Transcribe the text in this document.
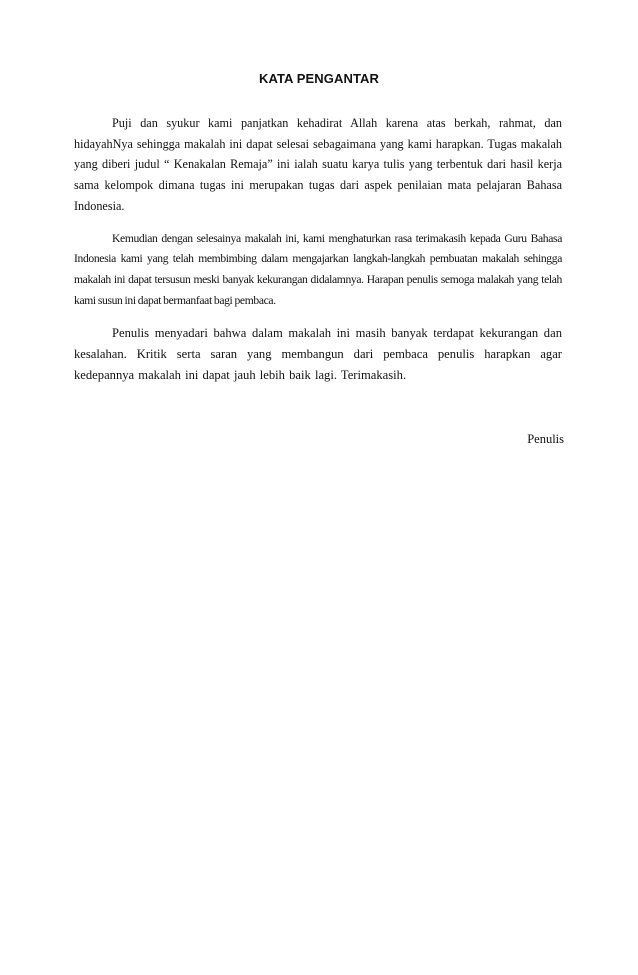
KATA PENGANTAR

Puji dan syukur kami panjatkan kehadirat Allah karena atas berkah, rahmat, dan hidayahNya sehingga makalah ini dapat selesai sebagaimana yang kami harapkan. Tugas makalah yang diberi judul “ Kenakalan Remaja” ini ialah suatu karya tulis yang terbentuk dari hasil kerja sama kelompok dimana tugas ini merupakan tugas dari aspek penilaian mata pelajaran Bahasa Indonesia.

Kemudian dengan selesainya makalah ini, kami menghaturkan rasa terimakasih kepada Guru Bahasa Indonesia kami yang telah membimbing dalam mengajarkan langkah-langkah pembuatan makalah sehingga makalah ini dapat tersusun meski banyak kekurangan didalamnya. Harapan penulis semoga malakah yang telah kami susun ini dapat bermanfaat bagi pembaca.

Penulis menyadari bahwa dalam makalah ini masih banyak terdapat kekurangan dan kesalahan. Kritik serta saran yang membangun dari pembaca penulis harapkan agar kedepannya makalah ini dapat jauh lebih baik lagi. Terimakasih.

Penulis
